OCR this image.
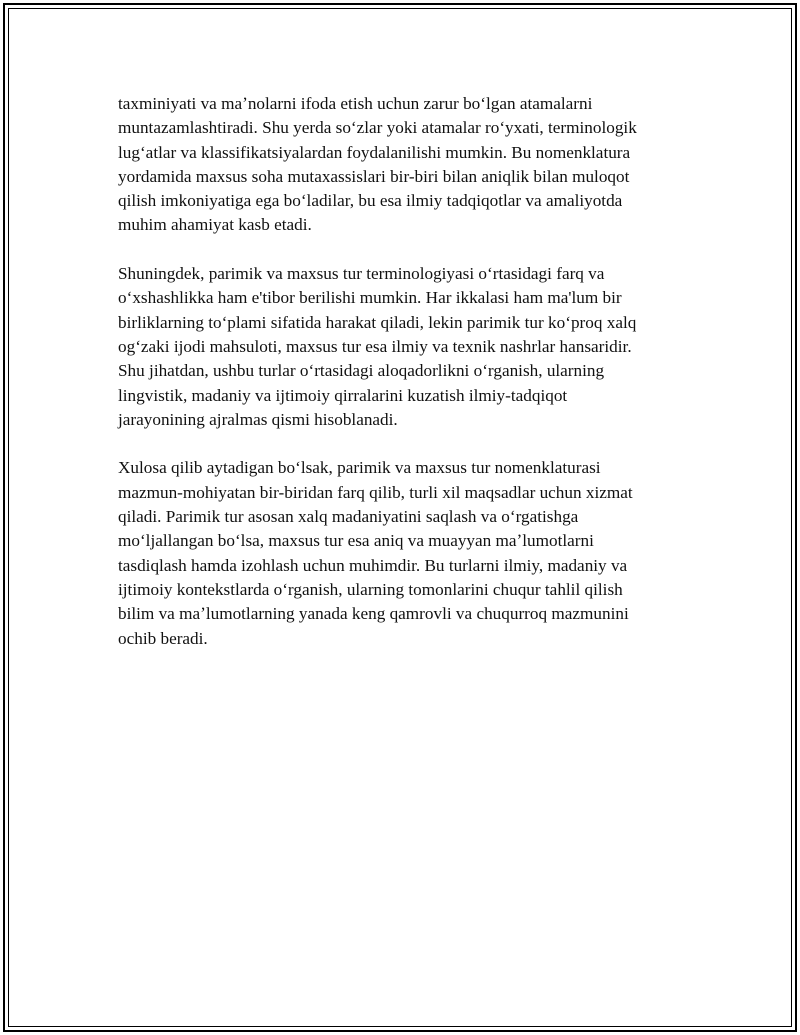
taxminiyati va maʼnolarni ifoda etish uchun zarur boʻlgan atamalarni
muntazamlashtiradi. Shu yerda soʻzlar yoki atamalar roʻyxati, terminologik
lugʻatlar va klassifikatsiyalardan foydalanilishi mumkin. Bu nomenklatura
yordamida maxsus soha mutaxassislari bir-biri bilan aniqlik bilan muloqot
qilish imkoniyatiga ega boʻladilar, bu esa ilmiy tadqiqotlar va amaliyotda
muhim ahamiyat kasb etadi.

Shuningdek, parimik va maxsus tur terminologiyasi oʻrtasidagi farq va
oʻxshashlikka ham e'tibor berilishi mumkin. Har ikkalasi ham ma'lum bir
birliklarning toʻplami sifatida harakat qiladi, lekin parimik tur koʻproq xalq
ogʻzaki ijodi mahsuloti, maxsus tur esa ilmiy va texnik nashrlar hansaridir.
Shu jihatdan, ushbu turlar oʻrtasidagi aloqadorlikni oʻrganish, ularning
lingvistik, madaniy va ijtimoiy qirralarini kuzatish ilmiy-tadqiqot
jarayonining ajralmas qismi hisoblanadi.

Xulosa qilib aytadigan boʻlsak, parimik va maxsus tur nomenklaturasi
mazmun-mohiyatan bir-biridan farq qilib, turli xil maqsadlar uchun xizmat
qiladi. Parimik tur asosan xalq madaniyatini saqlash va oʻrgatishga
moʻljallangan boʻlsa, maxsus tur esa aniq va muayyan maʼlumotlarni
tasdiqlash hamda izohlash uchun muhimdir. Bu turlarni ilmiy, madaniy va
ijtimoiy kontekstlarda oʻrganish, ularning tomonlarini chuqur tahlil qilish
bilim va maʼlumotlarning yanada keng qamrovli va chuqurroq mazmunini
ochib beradi.
